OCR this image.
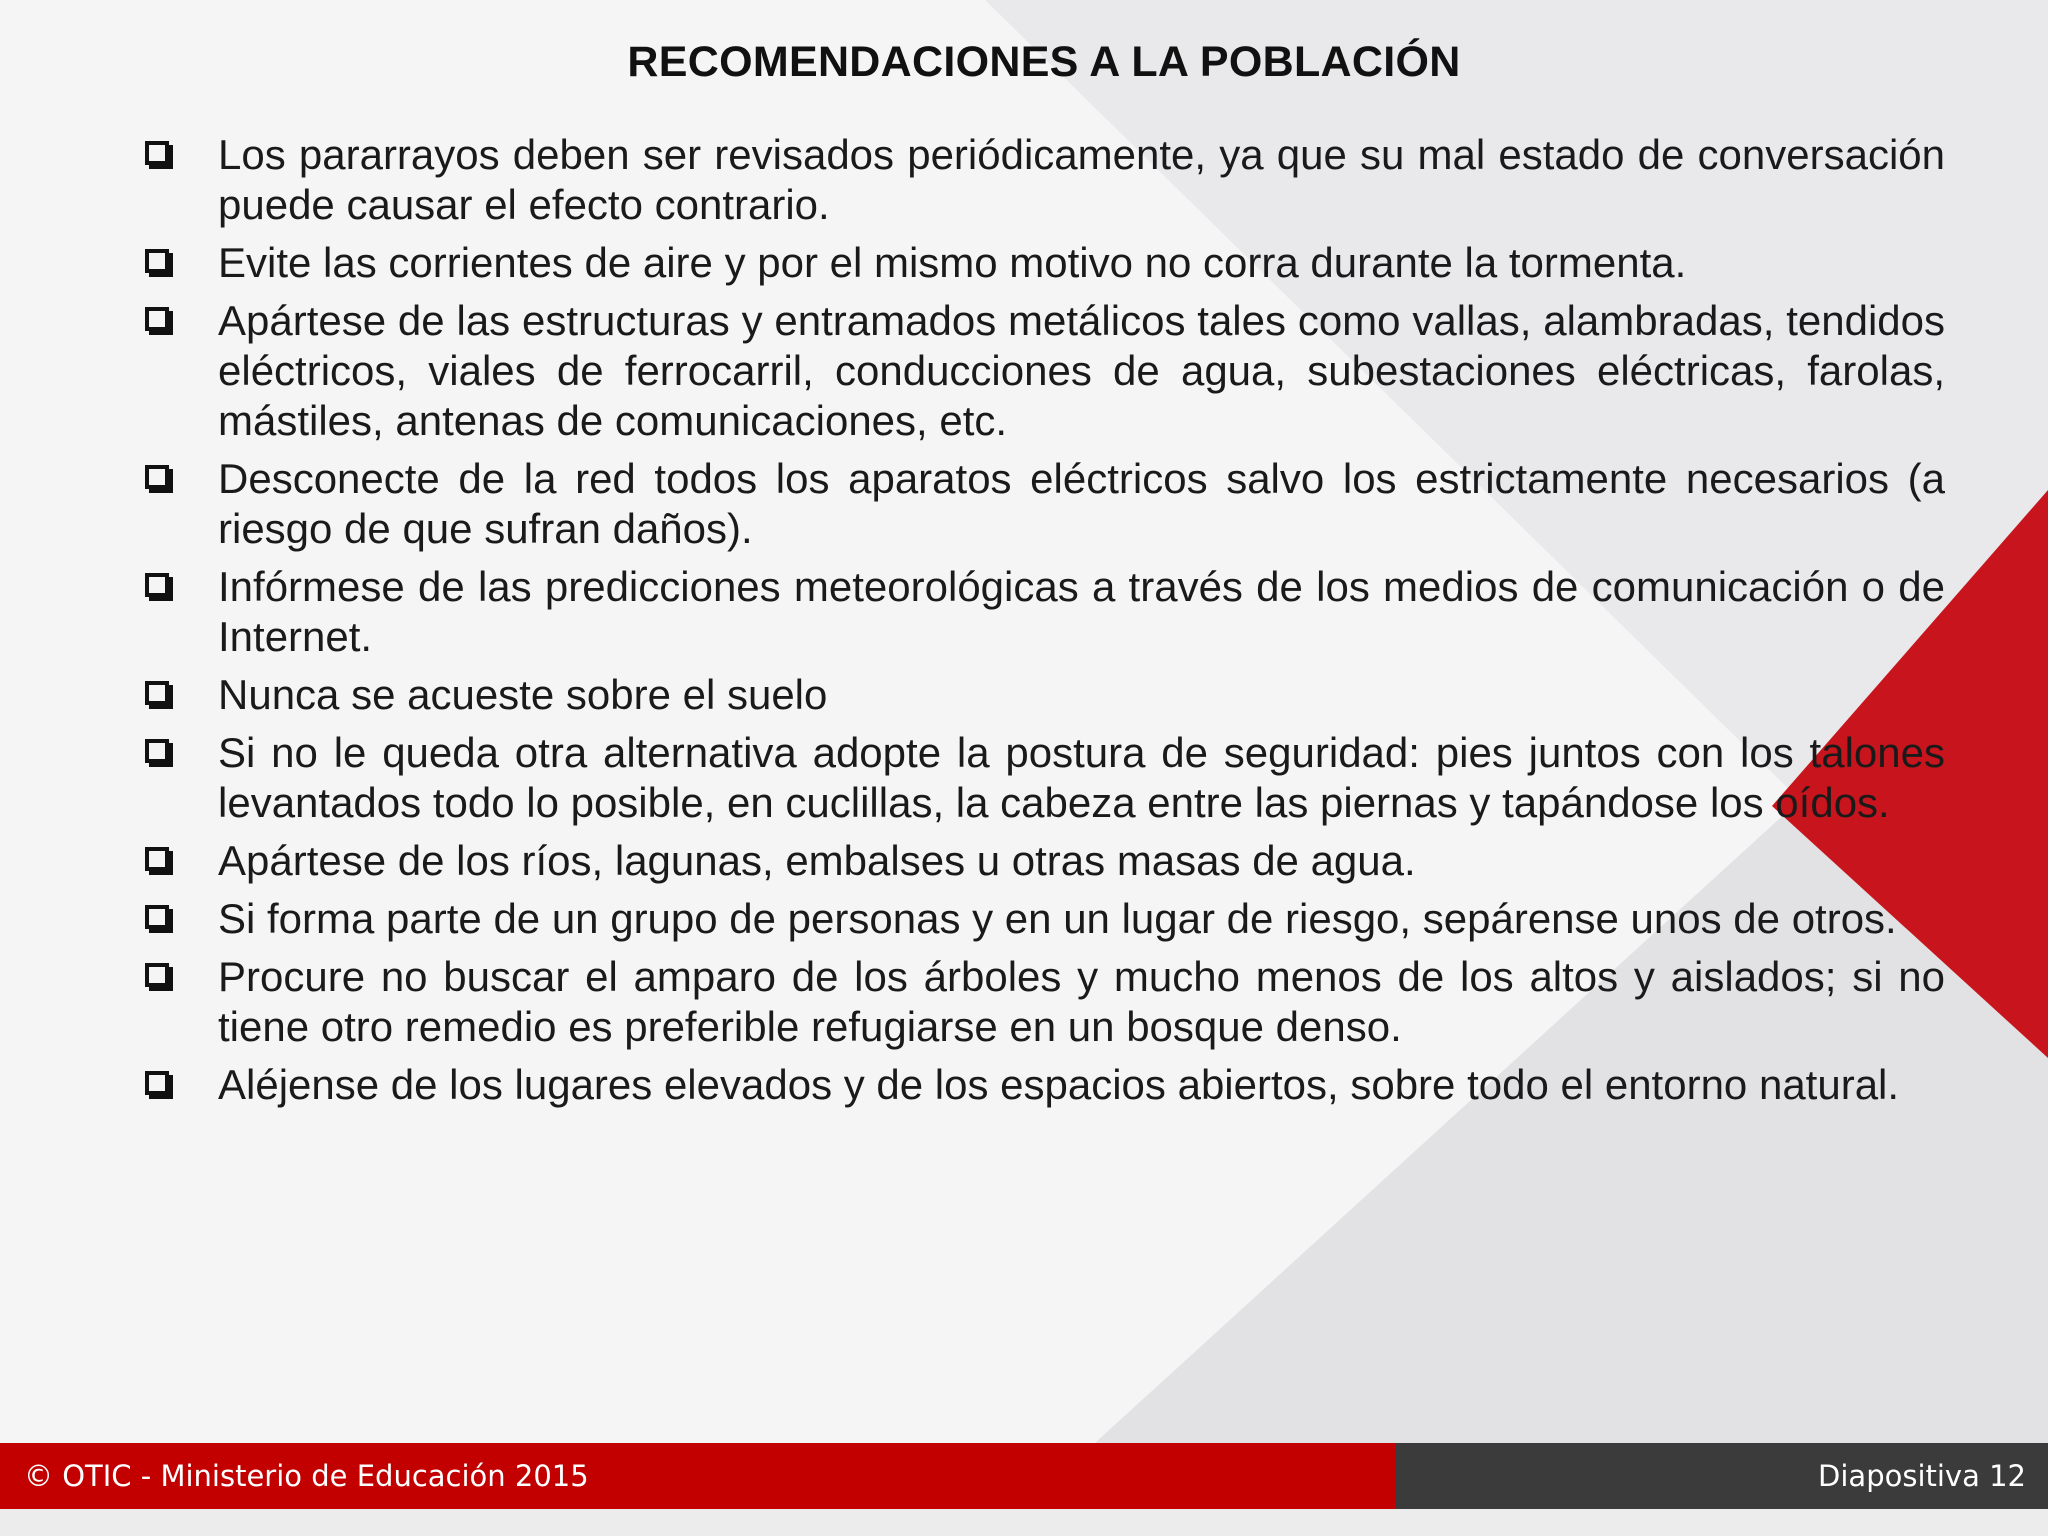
RECOMENDACIONES A LA POBLACIÓN
Los pararrayos deben ser revisados periódicamente, ya que su mal estado de conversación puede causar el efecto contrario.
Evite las corrientes de aire y por el mismo motivo no corra durante la tormenta.
Apártese de las estructuras y entramados metálicos tales como vallas, alambradas, tendidos eléctricos, viales de ferrocarril, conducciones de agua, subestaciones eléctricas, farolas, mástiles, antenas de comunicaciones, etc.
Desconecte de la red todos los aparatos eléctricos salvo los estrictamente necesarios (a riesgo de que sufran daños).
Infórmese de las predicciones meteorológicas a través de los medios de comunicación o de Internet.
Nunca se acueste sobre el suelo
Si no le queda otra alternativa adopte la postura de seguridad: pies juntos con los talones levantados todo lo posible, en cuclillas, la cabeza entre las piernas y tapándose los oídos.
Apártese de los ríos, lagunas, embalses u otras masas de agua.
Si forma parte de un grupo de personas y en un lugar de riesgo, sepárense unos de otros.
Procure no buscar el amparo de los árboles y mucho menos de los altos y aislados; si no tiene otro remedio es preferible refugiarse en un bosque denso.
Aléjense de los lugares elevados y de los espacios abiertos, sobre todo el entorno natural.
© OTIC - Ministerio de Educación 2015	Diapositiva 12
